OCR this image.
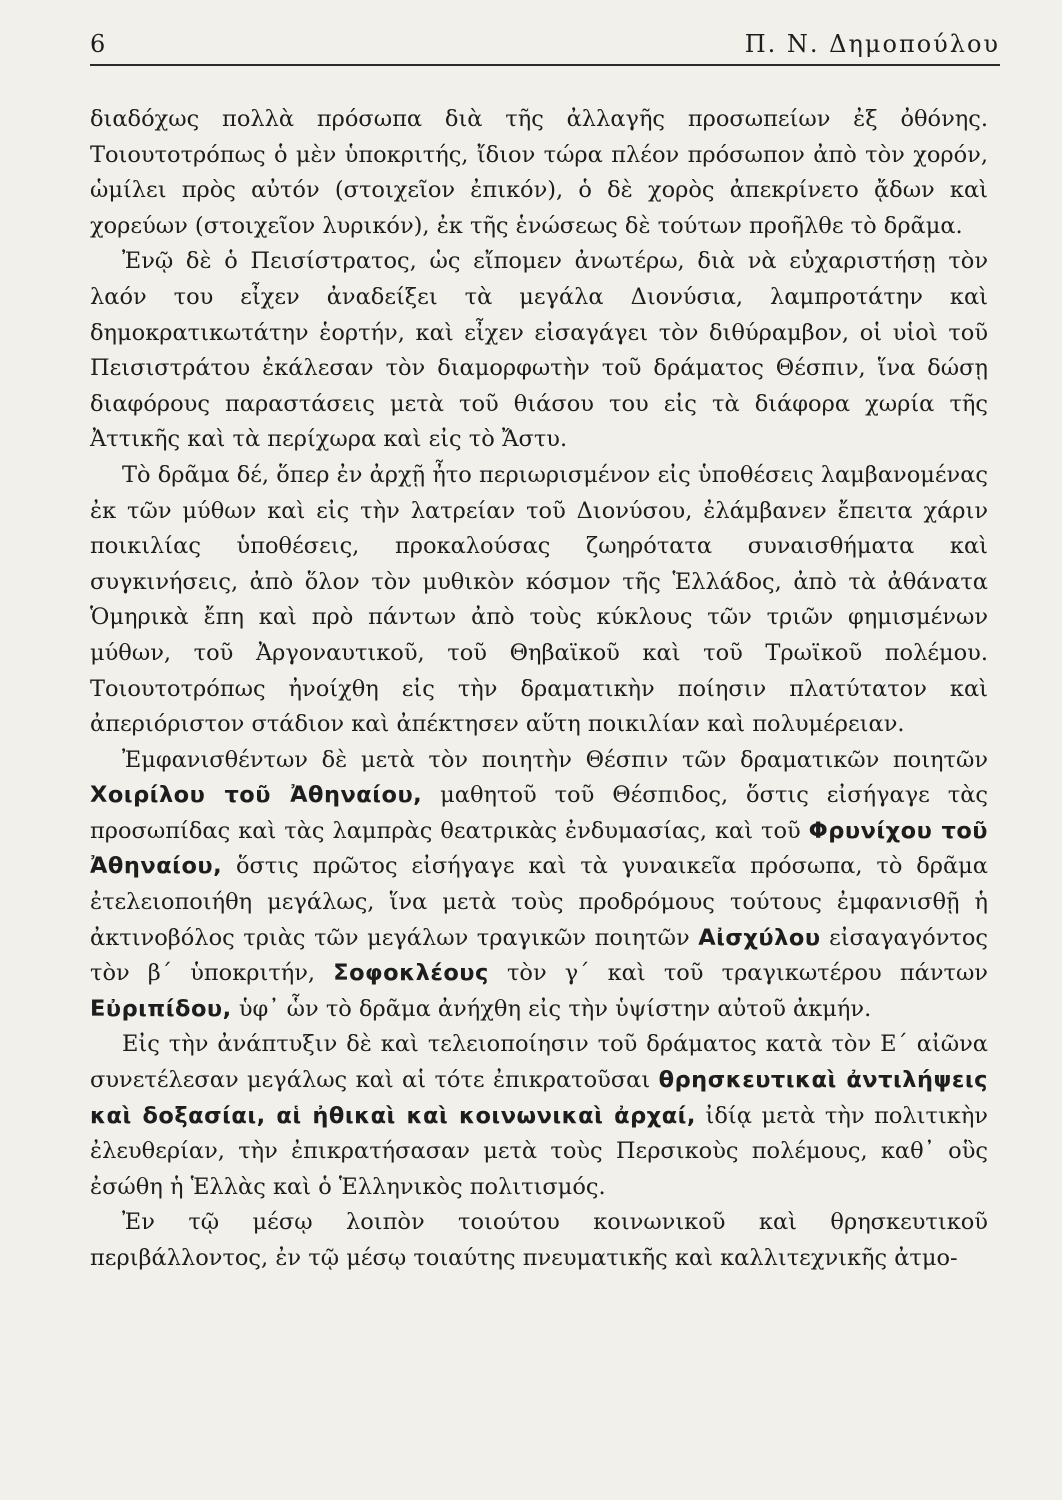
6	Π. Ν. Δημοπούλου

διαδόχως πολλὰ πρόσωπα διὰ τῆς ἀλλαγῆς προσωπείων ἐξ ὀθόνης. Τοιουτοτρόπως ὁ μὲν ὑποκριτής, ἴδιον τώρα πλέον πρόσωπον ἀπὸ τὸν χορόν, ὡμίλει πρὸς αὐτόν (στοιχεῖον ἐπικόν), ὁ δὲ χορὸς ἀπεκρίνετο ᾄδων καὶ χορεύων (στοιχεῖον λυρικόν), ἐκ τῆς ἑνώσεως δὲ τούτων προῆλθε τὸ δρᾶμα.

Ἐνῷ δὲ ὁ Πεισίστρατος, ὡς εἴπομεν ἀνωτέρω, διὰ νὰ εὐχαριστήσῃ τὸν λαόν του εἶχεν ἀναδείξει τὰ μεγάλα Διονύσια, λαμπροτάτην καὶ δημοκρατικωτάτην ἑορτήν, καὶ εἶχεν εἰσαγάγει τὸν διθύραμβον, οἱ υἱοὶ τοῦ Πεισιστράτου ἐκάλεσαν τὸν διαμορφωτὴν τοῦ δράματος Θέσπιν, ἵνα δώσῃ διαφόρους παραστάσεις μετὰ τοῦ θιάσου του εἰς τὰ διάφορα χωρία τῆς Ἀττικῆς καὶ τὰ περίχωρα καὶ εἰς τὸ Ἄστυ.

Τὸ δρᾶμα δέ, ὅπερ ἐν ἀρχῇ ἦτο περιωρισμένον εἰς ὑποθέσεις λαμβανομένας ἐκ τῶν μύθων καὶ εἰς τὴν λατρείαν τοῦ Διονύσου, ἐλάμβανεν ἔπειτα χάριν ποικιλίας ὑποθέσεις, προκαλούσας ζωηρότατα συναισθήματα καὶ συγκινήσεις, ἀπὸ ὅλον τὸν μυθικὸν κόσμον τῆς Ἑλλάδος, ἀπὸ τὰ ἀθάνατα Ὁμηρικὰ ἔπη καὶ πρὸ πάντων ἀπὸ τοὺς κύκλους τῶν τριῶν φημισμένων μύθων, τοῦ Ἀργοναυτικοῦ, τοῦ Θηβαϊκοῦ καὶ τοῦ Τρωϊκοῦ πολέμου. Τοιουτοτρόπως ἠνοίχθη εἰς τὴν δραματικὴν ποίησιν πλατύτατον καὶ ἀπεριόριστον στάδιον καὶ ἀπέκτησεν αὕτη ποικιλίαν καὶ πολυμέρειαν.

Ἐμφανισθέντων δὲ μετὰ τὸν ποιητὴν Θέσπιν τῶν δραματικῶν ποιητῶν Χοιρίλου τοῦ Ἀθηναίου, μαθητοῦ τοῦ Θέσπιδος, ὅστις εἰσήγαγε τὰς προσωπίδας καὶ τὰς λαμπρὰς θεατρικὰς ἐνδυμασίας, καὶ τοῦ Φρυνίχου τοῦ Ἀθηναίου, ὅστις πρῶτος εἰσήγαγε καὶ τὰ γυναικεῖα πρόσωπα, τὸ δρᾶμα ἐτελειοποιήθη μεγάλως, ἵνα μετὰ τοὺς προδρόμους τούτους ἐμφανισθῇ ἡ ἀκτινοβόλος τριὰς τῶν μεγάλων τραγικῶν ποιητῶν Αἰσχύλου εἰσαγαγόντος τὸν β΄ ὑποκριτήν, Σοφοκλέους τὸν γ΄ καὶ τοῦ τραγικωτέρου πάντων Εὐριπίδου, ὑφ᾽ ὧν τὸ δρᾶμα ἀνήχθη εἰς τὴν ὑψίστην αὐτοῦ ἀκμήν.

Εἰς τὴν ἀνάπτυξιν δὲ καὶ τελειοποίησιν τοῦ δράματος κατὰ τὸν Ε΄ αἰῶνα συνετέλεσαν μεγάλως καὶ αἱ τότε ἐπικρατοῦσαι θρησκευτικαὶ ἀντιλήψεις καὶ δοξασίαι, αἱ ἠθικαὶ καὶ κοινωνικαὶ ἀρχαί, ἰδίᾳ μετὰ τὴν πολιτικὴν ἐλευθερίαν, τὴν ἐπικρατήσασαν μετὰ τοὺς Περσικοὺς πολέμους, καθ᾽ οὓς ἐσώθη ἡ Ἑλλὰς καὶ ὁ Ἑλληνικὸς πολιτισμός.

Ἐν τῷ μέσῳ λοιπὸν τοιούτου κοινωνικοῦ καὶ θρησκευτικοῦ περιβάλλοντος, ἐν τῷ μέσῳ τοιαύτης πνευματικῆς καὶ καλλιτεχνικῆς ἀτμο-
